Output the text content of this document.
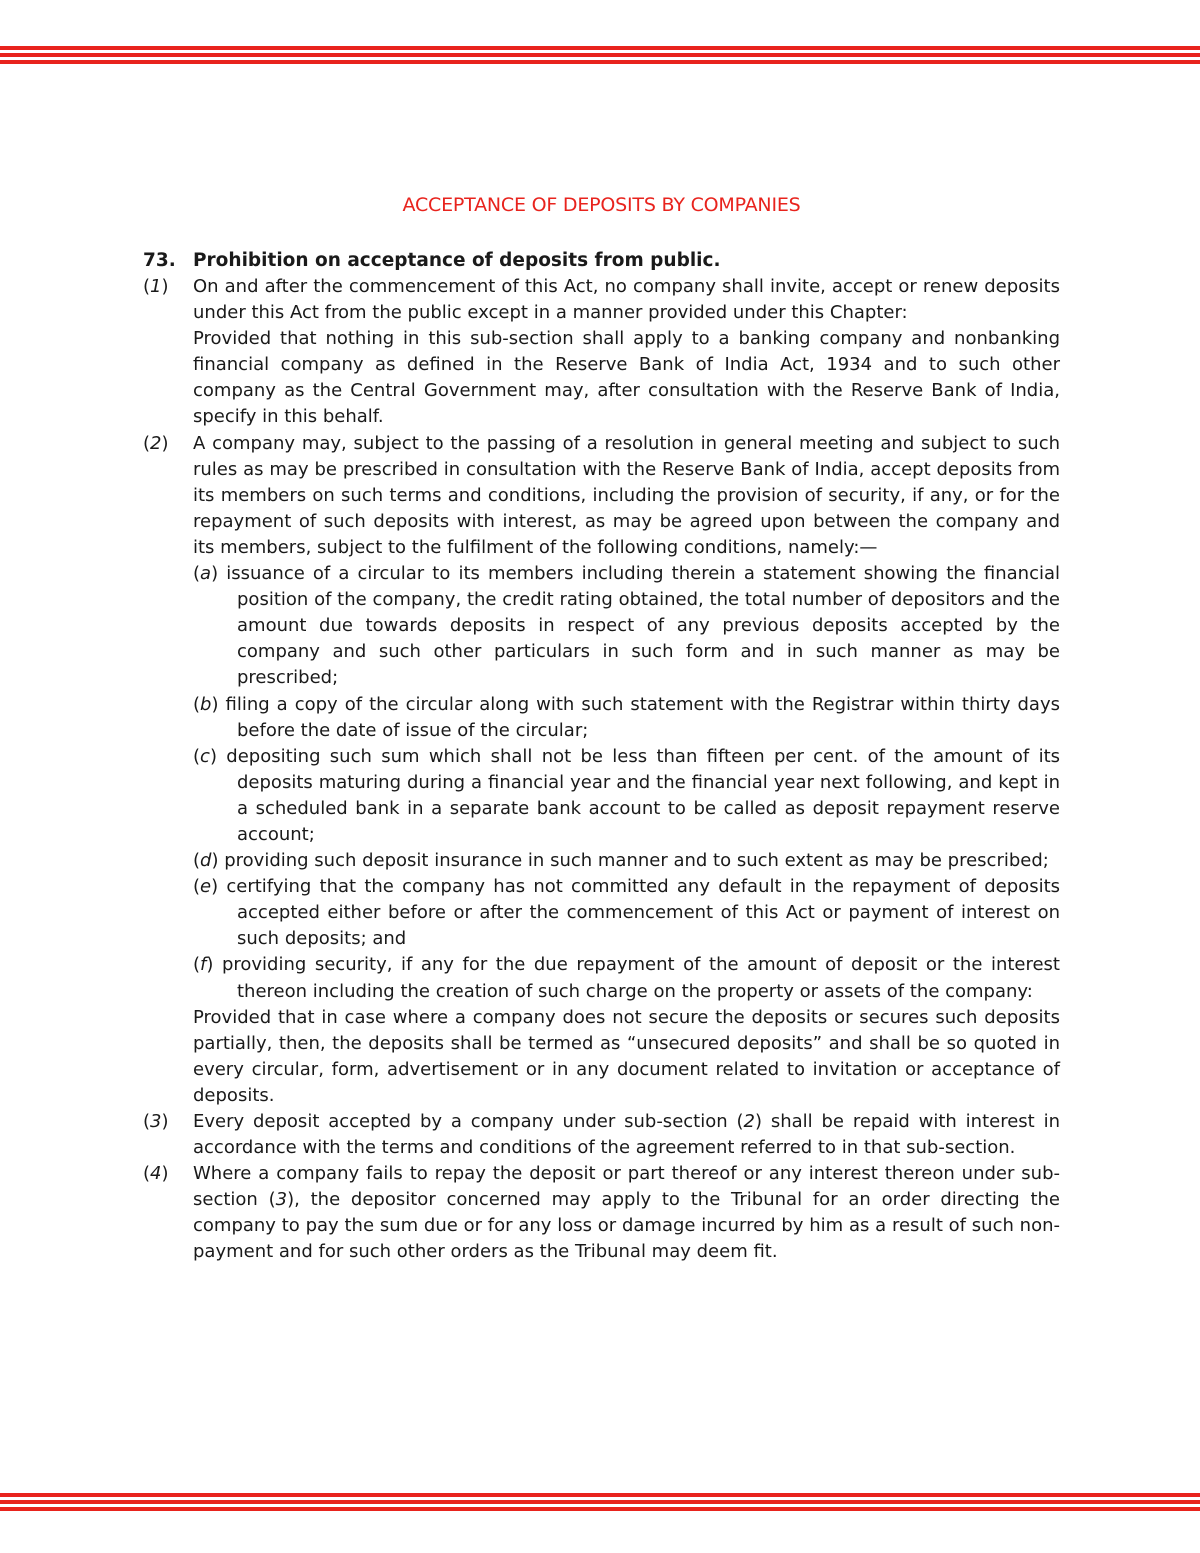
ACCEPTANCE OF DEPOSITS BY COMPANIES
73. Prohibition on acceptance of deposits from public.
(1)	On and after the commencement of this Act, no company shall invite, accept or renew deposits under this Act from the public except in a manner provided under this Chapter:

Provided that nothing in this sub-section shall apply to a banking company and nonbanking financial company as defined in the Reserve Bank of India Act, 1934 and to such other company as the Central Government may, after consultation with the Reserve Bank of India, specify in this behalf.

(2)	A company may, subject to the passing of a resolution in general meeting and subject to such rules as may be prescribed in consultation with the Reserve Bank of India, accept deposits from its members on such terms and conditions, including the provision of security, if any, or for the repayment of such deposits with interest, as may be agreed upon between the company and its members, subject to the fulfilment of the following conditions, namely:—

(a) issuance of a circular to its members including therein a statement showing the financial position of the company, the credit rating obtained, the total number of depositors and the amount due towards deposits in respect of any previous deposits accepted by the company and such other particulars in such form and in such manner as may be prescribed;

(b) filing a copy of the circular along with such statement with the Registrar within thirty days before the date of issue of the circular;

(c) depositing such sum which shall not be less than fifteen per cent. of the amount of its deposits maturing during a financial year and the financial year next following, and kept in a scheduled bank in a separate bank account to be called as deposit repayment reserve account;

(d) providing such deposit insurance in such manner and to such extent as may be prescribed;

(e) certifying that the company has not committed any default in the repayment of deposits accepted either before or after the commencement of this Act or payment of interest on such deposits; and

(f) providing security, if any for the due repayment of the amount of deposit or the interest thereon including the creation of such charge on the property or assets of the company:

Provided that in case where a company does not secure the deposits or secures such deposits partially, then, the deposits shall be termed as “unsecured deposits” and shall be so quoted in every circular, form, advertisement or in any document related to invitation or acceptance of deposits.

(3)	Every deposit accepted by a company under sub-section (2) shall be repaid with interest in accordance with the terms and conditions of the agreement referred to in that sub-section.

(4)	Where a company fails to repay the deposit or part thereof or any interest thereon under sub-section (3), the depositor concerned may apply to the Tribunal for an order directing the company to pay the sum due or for any loss or damage incurred by him as a result of such non-payment and for such other orders as the Tribunal may deem fit.
